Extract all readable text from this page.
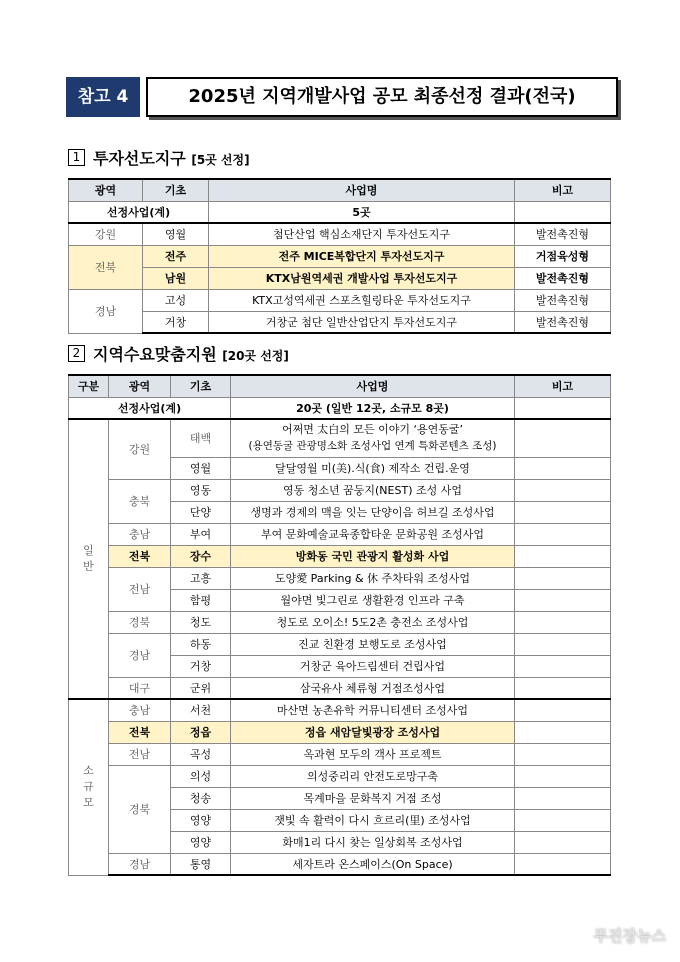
참고 4	2025년 지역개발사업 공모 최종선정 결과(전국)
1 투자선도지구 [5곳 선정]
광역	기초	사업명	비고
선정사업(계)		5곳	
강원	영월	첨단산업 핵심소재단지 투자선도지구	발전촉진형
전북	전주	전주 MICE복합단지 투자선도지구	거점육성형
	남원	KTX남원역세권 개발사업 투자선도지구	발전촉진형
경남	고성	KTX고성역세권 스포츠힐링타운 투자선도지구	발전촉진형
	거창	거창군 첨단 일반산업단지 투자선도지구	발전촉진형
2 지역수요맞춤지원 [20곳 선정]
구분	광역	기초	사업명	비고
선정사업(계)			20곳 (일반 12곳, 소규모 8곳)	
일반	강원	태백	어쩌면 太白의 모든 이야기 ‘용연동굴’
(용연동굴 관광명소화 조성사업 연계 특화콘텐츠 조성)	

		영월	달달영월 미(美).식(食) 제작소 건립.운영	
	충북	영동	영동 청소년 꿈둥지(NEST) 조성 사업	
		단양	생명과 경제의 맥을 잇는 단양이음 허브길 조성사업	
	충남	부여	부여 문화예술교육종합타운 문화공원 조성사업	
	전북	장수	방화동 국민 관광지 활성화 사업	
	전남	고흥	도양愛 Parking & 休 주차타워 조성사업	
		함평	월야면 빛그린로 생활환경 인프라 구축	
	경북	청도	청도로 오이소! 5도2촌 충전소 조성사업	
	경남	하동	진교 친환경 보행도로 조성사업	
		거창	거창군 육아드림센터 건립사업	
	대구	군위	삼국유사 체류형 거점조성사업	
소규모	충남	서천	마산면 농촌유학 커뮤니티센터 조성사업	
	전북	정읍	정읍 새암달빛광장 조성사업	
	전남	곡성	옥과현 모두의 객사 프로젝트	
	경북	의성	의성중리리 안전도로망구축	
		청송	목계마을 문화복지 거점 조성	
		영양	잿빛 속 활력이 다시 흐르리(里) 조성사업	
		영양	화매1리 다시 찾는 일상회복 조성사업	
	경남	통영	세자트라 온스페이스(On Space)	
무진장뉴스
